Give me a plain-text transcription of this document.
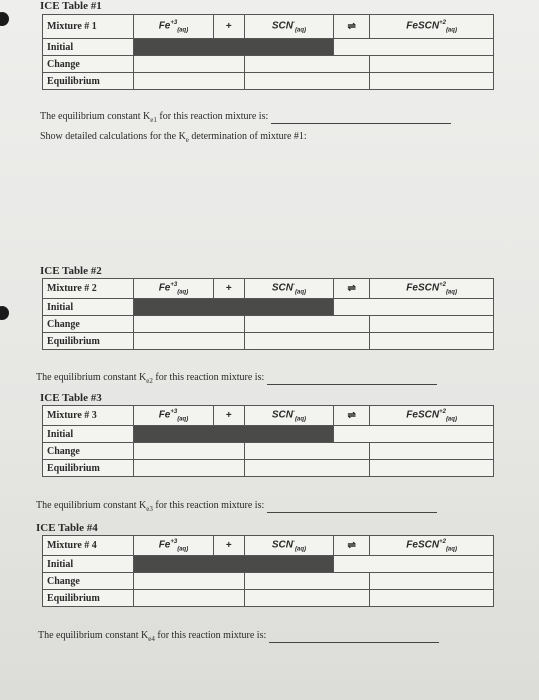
ICE Table #1
Mixture # 1	$Fe^{+3}_{(aq)}$	+	$SCN^-_{(aq)}$	⇌	FeSCN$^{+2}_{(aq)}$
Initial					
Change					
Equilibrium					
The equilibrium constant $K_{e1}$ for this reaction mixture is:
Show detailed calculations for the $K_e$ determination of mixture #1:
ICE Table #2
Mixture # 2	$Fe^{+3}_{(aq)}$	+	$SCN^-_{(aq)}$	⇌	FeSCN$^{+2}_{(aq)}$
Initial					
Change					
Equilibrium					
The equilibrium constant $K_{e2}$ for this reaction mixture is:
ICE Table #3
Mixture # 3	$Fe^{+3}_{(aq)}$	+	$SCN^-_{(aq)}$	⇌	FeSCN$^{+2}_{(aq)}$
Initial					
Change					
Equilibrium					
The equilibrium constant $K_{e3}$ for this reaction mixture is:
ICE Table #4
Mixture # 4	$Fe^{+3}_{(aq)}$	+	$SCN^-_{(aq)}$	⇌	FeSCN$^{+2}_{(aq)}$
Initial					
Change					
Equilibrium					
The equilibrium constant $K_{e4}$ for this reaction mixture is:
